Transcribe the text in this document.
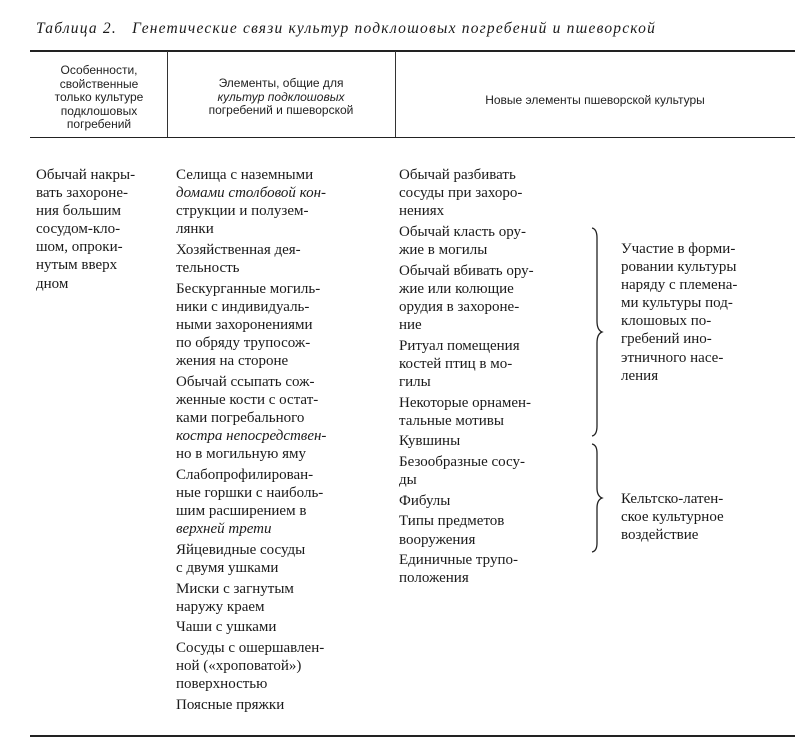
Таблица 2. Генетические связи культур подклошовых погребений и пшеворской
Особенности,
свойственные
только культуре
подклошовых
погребений
Элементы, общие для
культур подклошовых
погребений и пшеворской
Новые элементы пшеворской культуры
Обычай накры-
вать захороне-
ния большим
сосудом-кло-
шом, опроки-
нутым вверх
дном
Селища с наземными
домами столбовой кон-
струкции и полузем-
лянки
Хозяйственная дея-
тельность
Бескурганные могиль-
ники с индивидуаль-
ными захоронениями
по обряду трупосож-
жения на стороне
Обычай ссыпать сож-
женные кости с остат-
ками погребального
костра непосредствен-
но в могильную яму
Слабопрофилирован-
ные горшки с наиболь-
шим расширением в
верхней трети
Яйцевидные сосуды
с двумя ушками
Миски с загнутым
наружу краем
Чаши с ушками
Сосуды с ошершавлен-
ной («хроповатой»)
поверхностью
Поясные пряжки
Обычай разбивать
сосуды при захоро-
нениях
Обычай класть ору-
жие в могилы
Обычай вбивать ору-
жие или колющие
орудия в захороне-
ние
Ритуал помещения
костей птиц в мо-
гилы
Некоторые орнамен-
тальные мотивы
Кувшины
Безообразные сосу-
ды
Фибулы
Типы предметов
вооружения
Единичные трупо-
положения
Участие в форми-
ровании культуры
наряду с племена-
ми культуры под-
клошовых по-
гребений ино-
этничного насе-
ления
Кельтско-латен-
ское культурное
воздействие
